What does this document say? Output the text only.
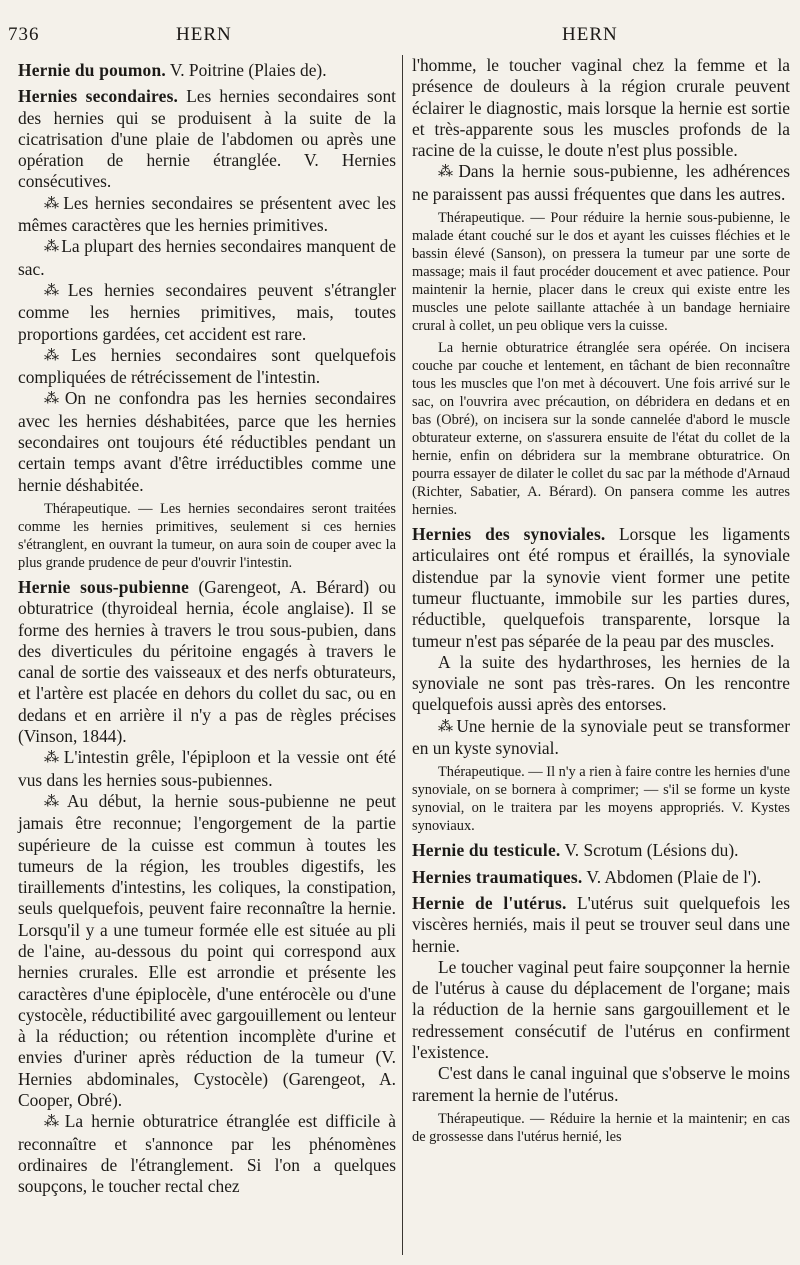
736	HERN	HERN

Hernie du poumon. V. Poitrine (Plaies de).

Hernies secondaires. Les hernies secondaires sont des hernies qui se produisent à la suite de la cicatrisation d'une plaie de l'abdomen ou après une opération de hernie étranglée. V. Hernies consécutives.

⁂ Les hernies secondaires se présentent avec les mêmes caractères que les hernies primitives.

⁂ La plupart des hernies secondaires manquent de sac.

⁂ Les hernies secondaires peuvent s'étrangler comme les hernies primitives, mais, toutes proportions gardées, cet accident est rare.

⁂ Les hernies secondaires sont quelquefois compliquées de rétrécissement de l'intestin.

⁂ On ne confondra pas les hernies secondaires avec les hernies déshabitées, parce que les hernies secondaires ont toujours été réductibles pendant un certain temps avant d'être irréductibles comme une hernie déshabitée.

Thérapeutique. — Les hernies secondaires seront traitées comme les hernies primitives, seulement si ces hernies s'étranglent, en ouvrant la tumeur, on aura soin de couper avec la plus grande prudence de peur d'ouvrir l'intestin.

Hernie sous-pubienne (Garengeot, A. Bérard) ou obturatrice (thyroideal hernia, école anglaise). Il se forme des hernies à travers le trou sous-pubien, dans des diverticules du péritoine engagés à travers le canal de sortie des vaisseaux et des nerfs obturateurs, et l'artère est placée en dehors du collet du sac, ou en dedans et en arrière il n'y a pas de règles précises (Vinson, 1844).

⁂ L'intestin grêle, l'épiploon et la vessie ont été vus dans les hernies sous-pubiennes.

⁂ Au début, la hernie sous-pubienne ne peut jamais être reconnue; l'engorgement de la partie supérieure de la cuisse est commun à toutes les tumeurs de la région, les troubles digestifs, les tiraillements d'intestins, les coliques, la constipation, seuls quelquefois, peuvent faire reconnaître la hernie. Lorsqu'il y a une tumeur formée elle est située au pli de l'aine, au-dessous du point qui correspond aux hernies crurales. Elle est arrondie et présente les caractères d'une épiplocèle, d'une entérocèle ou d'une cystocèle, réductibilité avec gargouillement ou lenteur à la réduction; ou rétention incomplète d'urine et envies d'uriner après réduction de la tumeur (V. Hernies abdominales, Cystocèle) (Garengeot, A. Cooper, Obré).

⁂ La hernie obturatrice étranglée est difficile à reconnaître et s'annonce par les phénomènes ordinaires de l'étranglement. Si l'on a quelques soupçons, le toucher rectal chez

l'homme, le toucher vaginal chez la femme et la présence de douleurs à la région crurale peuvent éclairer le diagnostic, mais lorsque la hernie est sortie et très-apparente sous les muscles profonds de la racine de la cuisse, le doute n'est plus possible.

⁂ Dans la hernie sous-pubienne, les adhérences ne paraissent pas aussi fréquentes que dans les autres.

Thérapeutique. — Pour réduire la hernie sous-pubienne, le malade étant couché sur le dos et ayant les cuisses fléchies et le bassin élevé (Sanson), on pressera la tumeur par une sorte de massage; mais il faut procéder doucement et avec patience. Pour maintenir la hernie, placer dans le creux qui existe entre les muscles une pelote saillante attachée à un bandage herniaire crural à collet, un peu oblique vers la cuisse.

La hernie obturatrice étranglée sera opérée. On incisera couche par couche et lentement, en tâchant de bien reconnaître tous les muscles que l'on met à découvert. Une fois arrivé sur le sac, on l'ouvrira avec précaution, on débridera en dedans et en bas (Obré), on incisera sur la sonde cannelée d'abord le muscle obturateur externe, on s'assurera ensuite de l'état du collet de la hernie, enfin on débridera sur la membrane obturatrice. On pourra essayer de dilater le collet du sac par la méthode d'Arnaud (Richter, Sabatier, A. Bérard). On pansera comme les autres hernies.

Hernies des synoviales. Lorsque les ligaments articulaires ont été rompus et éraillés, la synoviale distendue par la synovie vient former une petite tumeur fluctuante, immobile sur les parties dures, réductible, quelquefois transparente, lorsque la tumeur n'est pas séparée de la peau par des muscles.

A la suite des hydarthroses, les hernies de la synoviale ne sont pas très-rares. On les rencontre quelquefois aussi après des entorses.

⁂ Une hernie de la synoviale peut se transformer en un kyste synovial.

Thérapeutique. — Il n'y a rien à faire contre les hernies d'une synoviale, on se bornera à comprimer; — s'il se forme un kyste synovial, on le traitera par les moyens appropriés. V. Kystes synoviaux.

Hernie du testicule. V. Scrotum (Lésions du).

Hernies traumatiques. V. Abdomen (Plaie de l').

Hernie de l'utérus. L'utérus suit quelquefois les viscères herniés, mais il peut se trouver seul dans une hernie.

Le toucher vaginal peut faire soupçonner la hernie de l'utérus à cause du déplacement de l'organe; mais la réduction de la hernie sans gargouillement et le redressement consécutif de l'utérus en confirment l'existence.

C'est dans le canal inguinal que s'observe le moins rarement la hernie de l'utérus.

Thérapeutique. — Réduire la hernie et la maintenir; en cas de grossesse dans l'utérus hernié, les
